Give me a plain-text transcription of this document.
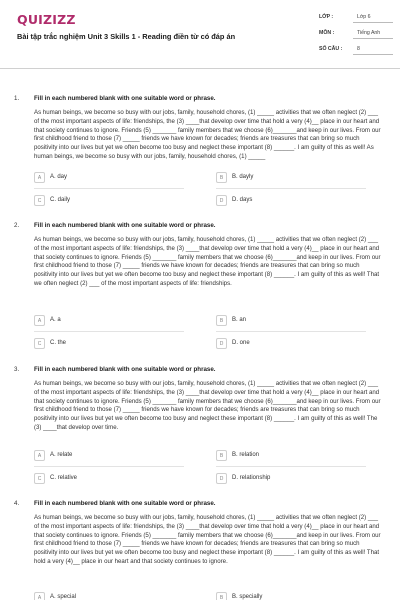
QUIZIZZ
Bài tập trắc nghiệm Unit 3 Skills 1 - Reading điền từ có đáp án
LỚP :	Lớp 6
MÔN :	Tiếng Anh
SỐ CÂU :	8
1. Fill in each numbered blank with one suitable word or phrase.
As human beings, we become so busy with our jobs, family, household chores, (1) _____ activities that we often neglect (2) ___ of the most important aspects of life: friendships, the (3) ____that develop over time that hold a very (4)__ place in our heart and that society continues to ignore. Friends (5) _______ family members that we choose (6)_______and keep in our lives. From our first childhood friend to those (7) _____ friends we have known for decades; friends are treasures that can bring so much positivity into our lives but yet we often become too busy and neglect these important (8) ______. I am guilty of this as well! As human beings, we become so busy with our jobs, family, household chores, (1) _____
A	A. day	B	B. dayly
C	C. daily	D	D. days
2. Fill in each numbered blank with one suitable word or phrase.
As human beings, we become so busy with our jobs, family, household chores, (1) _____ activities that we often neglect (2) ___ of the most important aspects of life: friendships, the (3) ____that develop over time that hold a very (4)__ place in our heart and that society continues to ignore. Friends (5) _______ family members that we choose (6)_______and keep in our lives. From our first childhood friend to those (7) _____ friends we have known for decades; friends are treasures that can bring so much positivity into our lives but yet we often become too busy and neglect these important (8) ______. I am guilty of this as well! That we often neglect (2) ___ of the most important aspects of life: friendships.
A	A. a	B	B. an
C	C. the	D	D. one
3. Fill in each numbered blank with one suitable word or phrase.
As human beings, we become so busy with our jobs, family, household chores, (1) _____ activities that we often neglect (2) ___ of the most important aspects of life: friendships, the (3) ____that develop over time that hold a very (4)__ place in our heart and that society continues to ignore. Friends (5) _______ family members that we choose (6)_______and keep in our lives. From our first childhood friend to those (7) _____ friends we have known for decades; friends are treasures that can bring so much positivity into our lives but yet we often become too busy and neglect these important (8) ______. I am guilty of this as well! The (3) ____that develop over time.
A	A. relate	B	B. relation
C	C. relative	D	D. relationship
4. Fill in each numbered blank with one suitable word or phrase.
As human beings, we become so busy with our jobs, family, household chores, (1) _____ activities that we often neglect (2) ___ of the most important aspects of life: friendships, the (3) ____that develop over time that hold a very (4)__ place in our heart and that society continues to ignore. Friends (5) _______ family members that we choose (6)_______and keep in our lives. From our first childhood friend to those (7) _____ friends we have known for decades; friends are treasures that can bring so much positivity into our lives but yet we often become too busy and neglect these important (8) ______. I am guilty of this as well! That hold a very (4)__ place in our heart and that society continues to ignore.
A	A. special	B	B. specially
